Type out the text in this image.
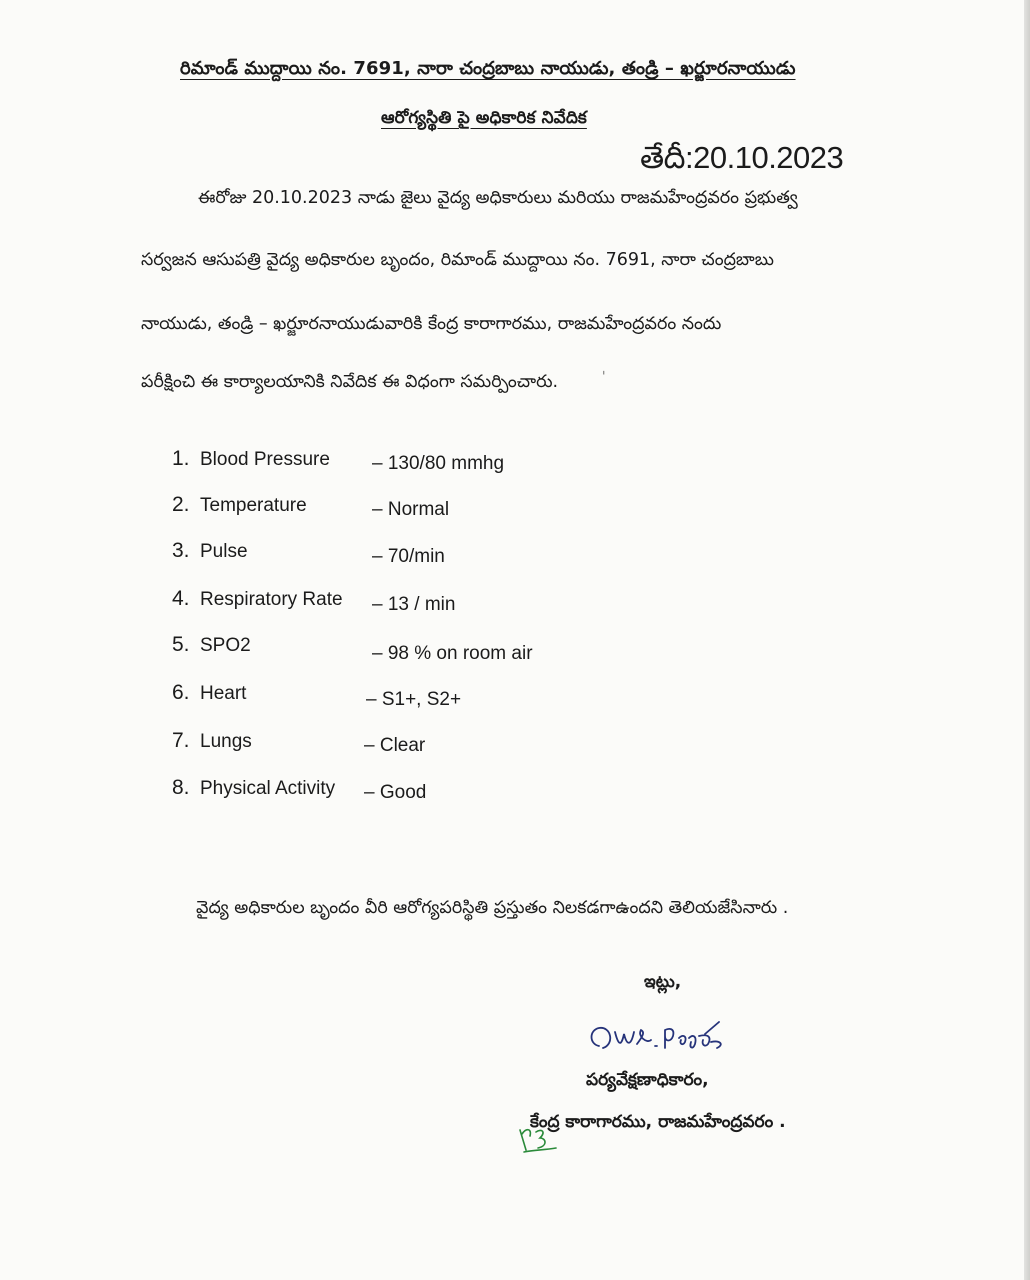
రిమాండ్ ముద్దాయి నం. 7691, నారా చంద్రబాబు నాయుడు, తండ్రి – ఖర్జూరనాయుడు
ఆరోగ్యస్థితి పై అధికారిక నివేదిక
తేదీ:20.10.2023
ఈరోజు 20.10.2023 నాడు జైలు వైద్య అధికారులు మరియు రాజమహేంద్రవరం ప్రభుత్వ
సర్వజన ఆసుపత్రి వైద్య అధికారుల బృందం, రిమాండ్ ముద్దాయి నం. 7691, నారా చంద్రబాబు
నాయుడు, తండ్రి – ఖర్జూరనాయుడువారికి కేంద్ర కారాగారము, రాజమహేంద్రవరం నందు
పరీక్షించి ఈ కార్యాలయానికి నివేదిక ఈ విధంగా సమర్పించారు.
1. Blood Pressure – 130/80 mmhg
2. Temperature	– Normal
3. Pulse	– 70/min
4. Respiratory Rate – 13 / min
5. SPO2	– 98 % on room air
6. Heart	– S1+, S2+
7. Lungs	– Clear
8. Physical Activity – Good
వైద్య అధికారుల బృందం వీరి ఆరోగ్యపరిస్థితి ప్రస్తుతం నిలకడగాఉందని తెలియజేసినారు .
ఇట్లు,
పర్యవేక్షణాధికారం,
కేంద్ర కారాగారము, రాజమహేంద్రవరం .
ˈ
